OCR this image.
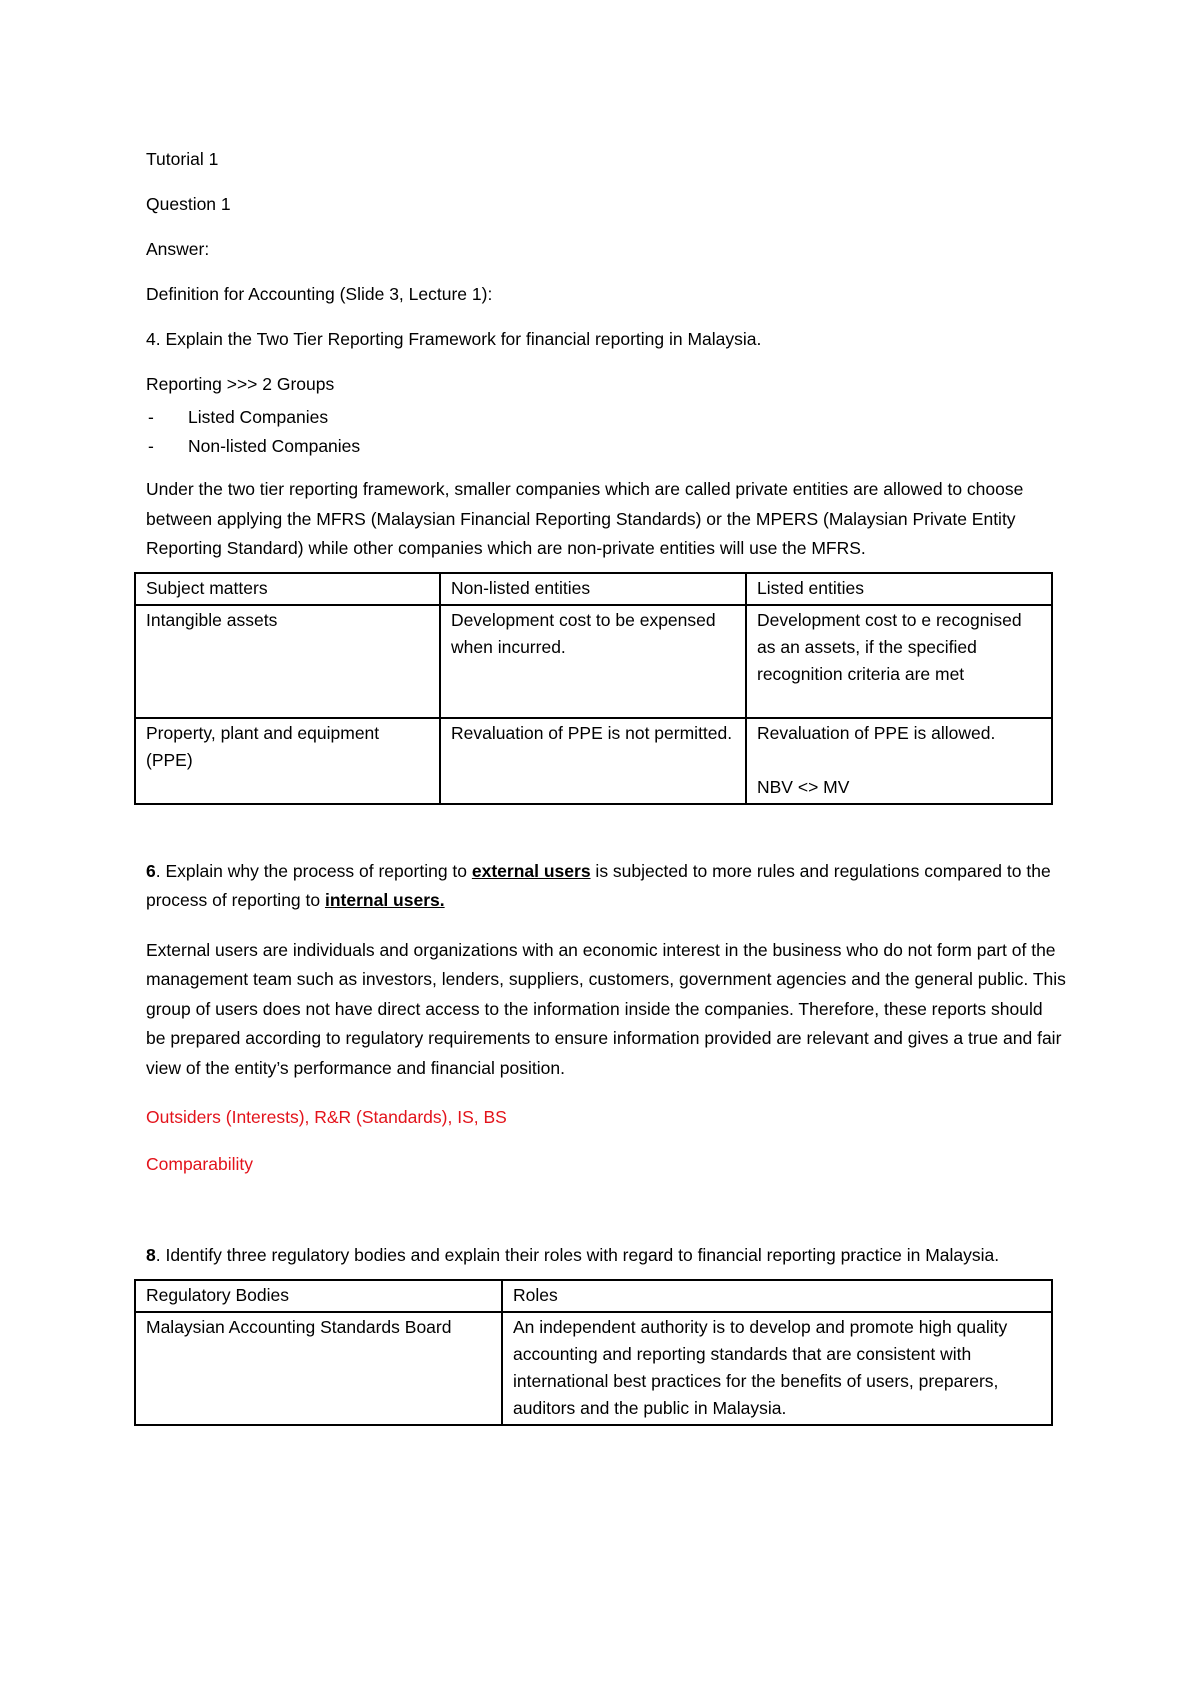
Tutorial 1

Question 1

Answer:

Definition for Accounting (Slide 3, Lecture 1):

4. Explain the Two Tier Reporting Framework for financial reporting in Malaysia.

Reporting >>> 2 Groups

- Listed Companies
- Non-listed Companies

Under the two tier reporting framework, smaller companies which are called private entities are allowed to choose between applying the MFRS (Malaysian Financial Reporting Standards) or the MPERS (Malaysian Private Entity Reporting Standard) while other companies which are non-private entities will use the MFRS.

Subject matters	Non-listed entities	Listed entities
Intangible assets	Development cost to be expensed when incurred.	Development cost to e recognised as an assets, if the specified recognition criteria are met
Property, plant and equipment (PPE)	Revaluation of PPE is not permitted.	Revaluation of PPE is allowed.
NBV <> MV

6. Explain why the process of reporting to external users is subjected to more rules and regulations compared to the process of reporting to internal users.

External users are individuals and organizations with an economic interest in the business who do not form part of the management team such as investors, lenders, suppliers, customers, government agencies and the general public. This group of users does not have direct access to the information inside the companies. Therefore, these reports should be prepared according to regulatory requirements to ensure information provided are relevant and gives a true and fair view of the entity’s performance and financial position.

Outsiders (Interests), R&R (Standards), IS, BS

Comparability

8. Identify three regulatory bodies and explain their roles with regard to financial reporting practice in Malaysia.

Regulatory Bodies	Roles
Malaysian Accounting Standards Board	An independent authority is to develop and promote high quality accounting and reporting standards that are consistent with international best practices for the benefits of users, preparers, auditors and the public in Malaysia.
